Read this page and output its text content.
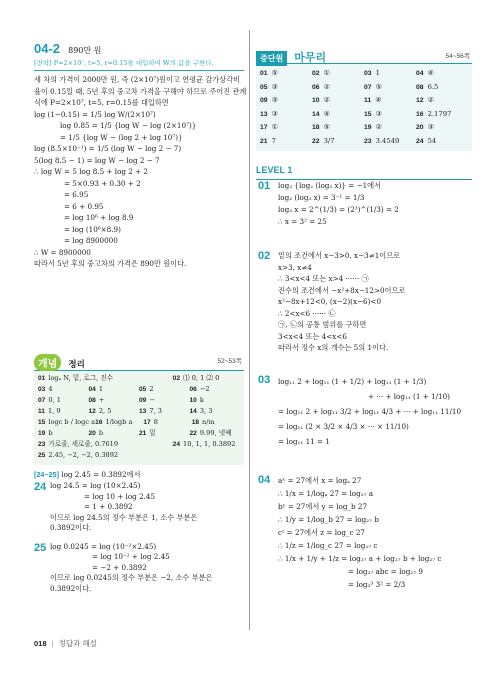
04-2 890만 원
[전략] P=2×10⁷, t=5, r=0.15를 대입하여 W의 값을 구한다.
새 차의 가격이 2000만 원, 즉 (2×10⁷)원이고 연평균 감가상각비
율이 0.15일 때, 5년 후의 중고차 가격을 구해야 하므로 주어진 관계
식에 P=2×10⁷, t=5, r=0.15를 대입하면
log (1−0.15) = 1/5 log W/(2×10⁷)
log 0.85 = 1/5 {log W − log (2×10⁷)}
= 1/5 {log W − (log 2 + log 10⁷)}
log (8.5×10⁻¹) = 1/5 (log W − log 2 − 7)
5(log 8.5 − 1) = log W − log 2 − 7
∴ log W = 5 log 8.5 + log 2 + 2
= 5×0.93 + 0.30 + 2
= 6.95
= 6 + 0.95
= log 10⁶ + log 8.9
= log (10⁶×8.9)
= log 8900000
∴ W = 8900000
따라서 5년 후의 중고차의 가격은 890만 원이다.
개념 정리	52~53쪽
01 logₐ N, 밑, 로그, 진수	02 ⑴ 0, 1 ⑵ 0
03 4	04 1	05 2	06 −2
07 0, 1	08 +	09 −	10 k
11 1, 9	12 2, 5	13 7, 3	14 3, 3
15 logc b / logc a 16 1/logb a	17 8	18 n/m
19 b	20 b	21 밑	22 9.99, 넷째
23 가로줄, 세로줄, 0.7619	24 10, 1, 1, 0.3892
25 2.45, −2, −2, 0.3892
[24~25] log 2.45 = 0.3892에서
24 log 24.5 = log (10×2.45)
= log 10 + log 2.45
= 1 + 0.3892
이므로 log 24.5의 정수 부분은 1, 소수 부분은
0.3892이다.
25 log 0.0245 = log (10⁻²×2.45)
= log 10⁻² + log 2.45
= −2 + 0.3892
이므로 log 0.0245의 정수 부분은 −2, 소수 부분은
0.3892이다.
018 | 정답과 해설
중단원 마무리	54~56쪽
01 ⑤	02 ①	03 1	04 ④
05 ③	06 ②	07 ⑤	08 6.5
09 ③	10 ②	11 ④	12 ②
13 ③	14 ④	15 ③	16 2.1797
17 ①	18 ⑤	19 ②	20 ③
21 7	22 3/7	23 3.4549	24 54
LEVEL 1
01	log₃ {log₂ (log₃ x)} = −1에서
log₂ (log₃ x) = 3⁻¹ = 1/3
log₃ x = 2^(1/3) = (2³)^(1/3) = 2
∴ x = 3² = 25
02	밑의 조건에서 x−3>0, x−3≠1이므로
x>3, x≠4
∴ 3<x<4 또는 x>4 ······ ㉠
진수의 조건에서 −x²+8x−12>0이므로
x²−8x+12<0, (x−2)(x−6)<0
∴ 2<x<6 ······ ㉡
㉠, ㉡의 공통 범위를 구하면
3<x<4 또는 4<x<6
따라서 정수 x의 개수는 5의 1이다.
03	log₁₁ 2 + log₁₁ (1 + 1/2) + log₁₁ (1 + 1/3)
+ ··· + log₁₁ (1 + 1/10)
= log₁₁ 2 + log₁₁ 3/2 + log₁₁ 4/3 + ··· + log₁₁ 11/10
= log₁₁ (2 × 3/2 × 4/3 × ··· × 11/10)
= log₁₁ 11 = 1
04	aˣ = 27에서 x = logₐ 27
∴ 1/x = 1/logₐ 27 = log₂₇ a
bʸ = 27에서 y = log_b 27
∴ 1/y = 1/log_b 27 = log₂₇ b
cᶻ = 27에서 z = log_c 27
∴ 1/z = 1/log_c 27 = log₂₇ c
∴ 1/x + 1/y + 1/z = log₂₇ a + log₂₇ b + log₂₇ c
= log₂₇ abc = log₂₇ 9
= log₃³ 3² = 2/3
